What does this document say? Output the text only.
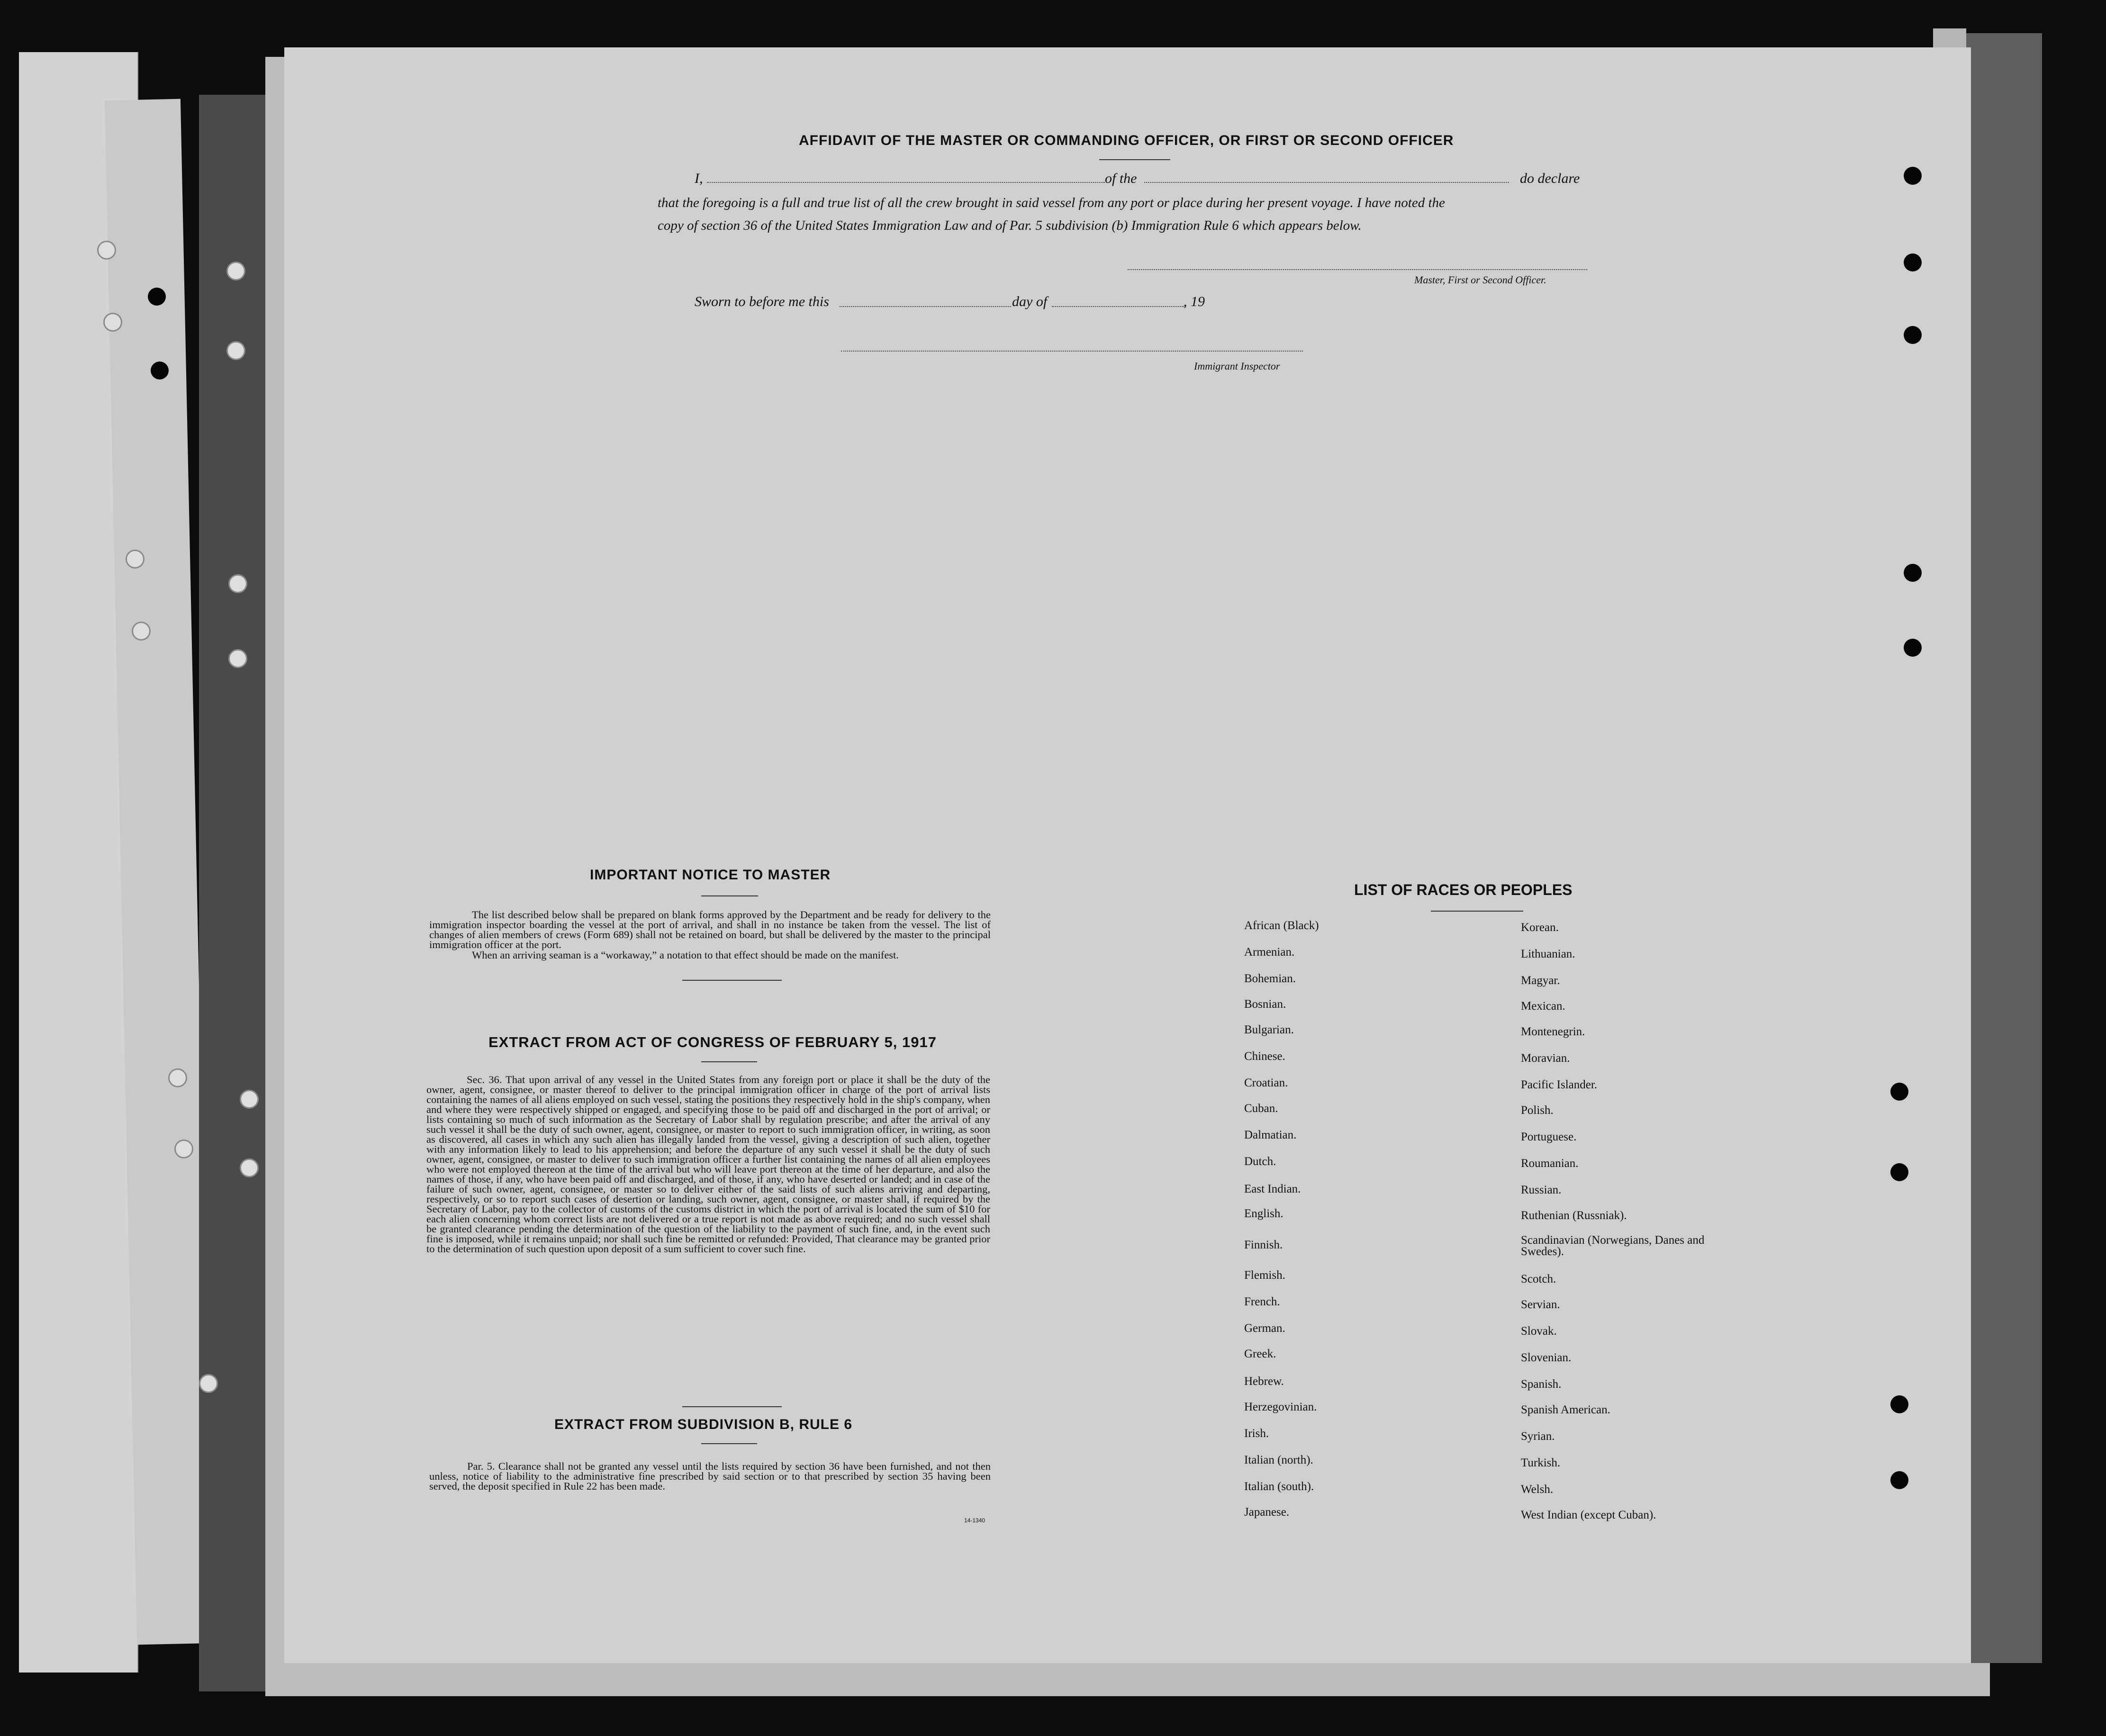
AFFIDAVIT OF THE MASTER OR COMMANDING OFFICER, OR FIRST OR SECOND OFFICER
I,	of the	do declare
that the foregoing is a full and true list of all the crew brought in said vessel from any port or place during her present voyage. I have noted the
copy of section 36 of the United States Immigration Law and of Par. 5 subdivision (b) Immigration Rule 6 which appears below.
Master, First or Second Officer.
Sworn to before me this	day of	, 19
Immigrant Inspector
IMPORTANT NOTICE TO MASTER
The list described below shall be prepared on blank forms approved by the Department and be ready for delivery to the immigration inspector boarding the vessel at the port of arrival, and shall in no instance be taken from the vessel. The list of changes of alien members of crews (Form 689) shall not be retained on board, but shall be delivered by the master to the principal immigration officer at the port.
When an arriving seaman is a “workaway,” a notation to that effect should be made on the manifest.
EXTRACT FROM ACT OF CONGRESS OF FEBRUARY 5, 1917
Sec. 36. That upon arrival of any vessel in the United States from any foreign port or place it shall be the duty of the owner, agent, consignee, or master thereof to deliver to the principal immigration officer in charge of the port of arrival lists containing the names of all aliens employed on such vessel, stating the positions they respectively hold in the ship's company, when and where they were respectively shipped or engaged, and specifying those to be paid off and discharged in the port of arrival; or lists containing so much of such information as the Secretary of Labor shall by regulation prescribe; and after the arrival of any such vessel it shall be the duty of such owner, agent, consignee, or master to report to such immigration officer, in writing, as soon as discovered, all cases in which any such alien has illegally landed from the vessel, giving a description of such alien, together with any information likely to lead to his apprehension; and before the departure of any such vessel it shall be the duty of such owner, agent, consignee, or master to deliver to such immigration officer a further list containing the names of all alien employees who were not employed thereon at the time of the arrival but who will leave port thereon at the time of her departure, and also the names of those, if any, who have been paid off and discharged, and of those, if any, who have deserted or landed; and in case of the failure of such owner, agent, consignee, or master so to deliver either of the said lists of such aliens arriving and departing, respectively, or so to report such cases of desertion or landing, such owner, agent, consignee, or master shall, if required by the Secretary of Labor, pay to the collector of customs of the customs district in which the port of arrival is located the sum of $10 for each alien concerning whom correct lists are not delivered or a true report is not made as above required; and no such vessel shall be granted clearance pending the determination of the question of the liability to the payment of such fine, and, in the event such fine is imposed, while it remains unpaid; nor shall such fine be remitted or refunded: Provided, That clearance may be granted prior to the determination of such question upon deposit of a sum sufficient to cover such fine.
EXTRACT FROM SUBDIVISION B, RULE 6
Par. 5. Clearance shall not be granted any vessel until the lists required by section 36 have been furnished, and not then unless, notice of liability to the administrative fine prescribed by said section or to that prescribed by section 35 having been served, the deposit specified in Rule 22 has been made.
14-1340
LIST OF RACES OR PEOPLES
African (Black)
Armenian.
Bohemian.
Bosnian.
Bulgarian.
Chinese.
Croatian.
Cuban.
Dalmatian.
Dutch.
East Indian.
English.
Finnish.
Flemish.
French.
German.
Greek.
Hebrew.
Herzegovinian.
Irish.
Italian (north).
Italian (south).
Japanese.
Korean.
Lithuanian.
Magyar.
Mexican.
Montenegrin.
Moravian.
Pacific Islander.
Polish.
Portuguese.
Roumanian.
Russian.
Ruthenian (Russniak).
Scandinavian (Norwegians, Danes and Swedes).
Scotch.
Servian.
Slovak.
Slovenian.
Spanish.
Spanish American.
Syrian.
Turkish.
Welsh.
West Indian (except Cuban).
